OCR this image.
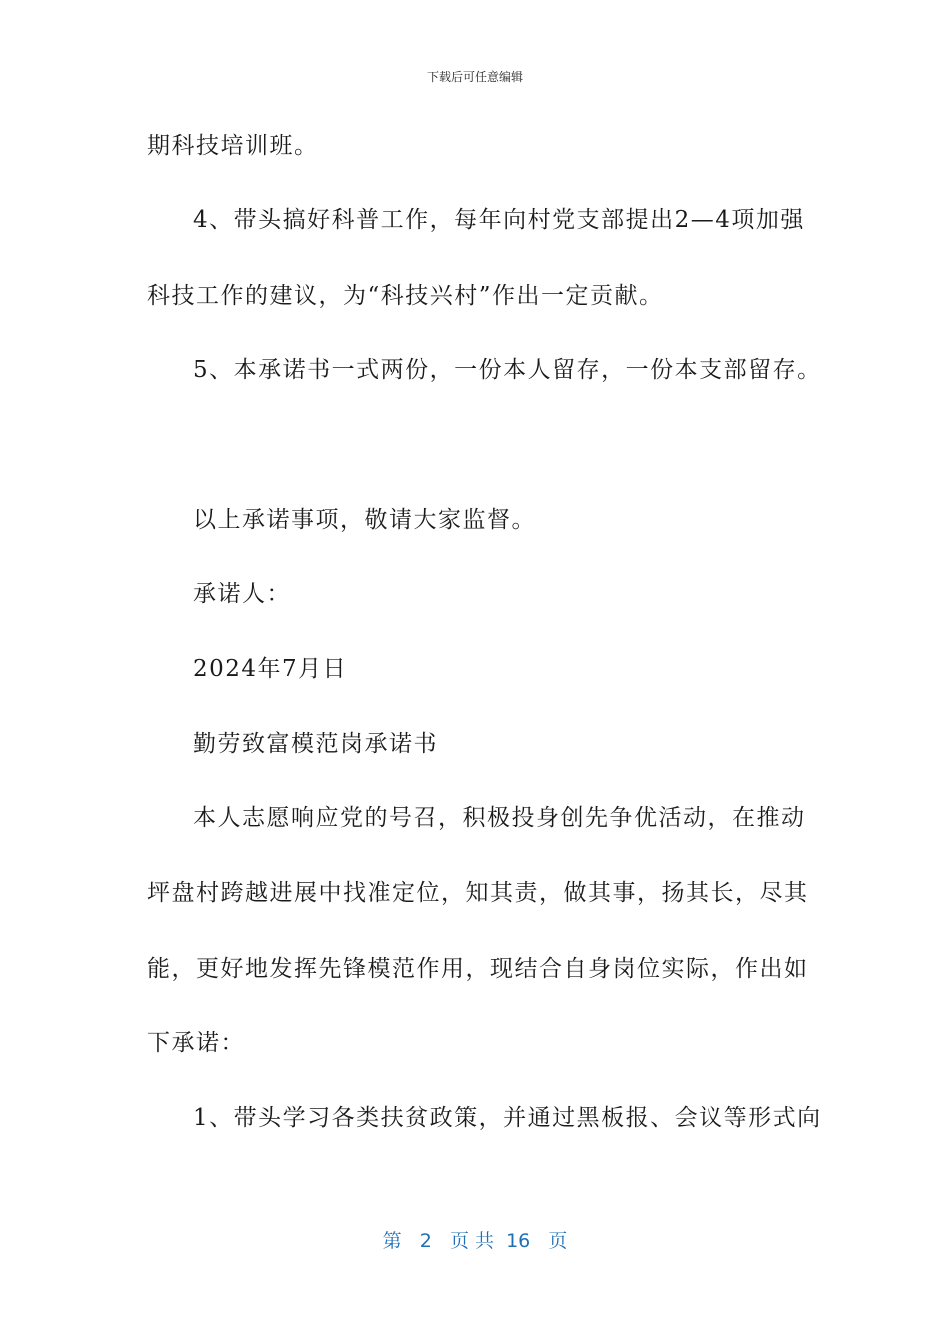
下载后可任意编辑
期科技培训班。
4、带头搞好科普工作，每年向村党支部提出2—4项加强
科技工作的建议，为“科技兴村”作出一定贡献。
5、本承诺书一式两份，一份本人留存，一份本支部留存。
以上承诺事项，敬请大家监督。
承诺人：
2024年7月日
勤劳致富模范岗承诺书
本人志愿响应党的号召，积极投身创先争优活动，在推动
坪盘村跨越进展中找准定位，知其责，做其事，扬其长，尽其
能，更好地发挥先锋模范作用，现结合自身岗位实际，作出如
下承诺：
1、带头学习各类扶贫政策，并通过黑板报、会议等形式向
第 2 页 共 16 页
